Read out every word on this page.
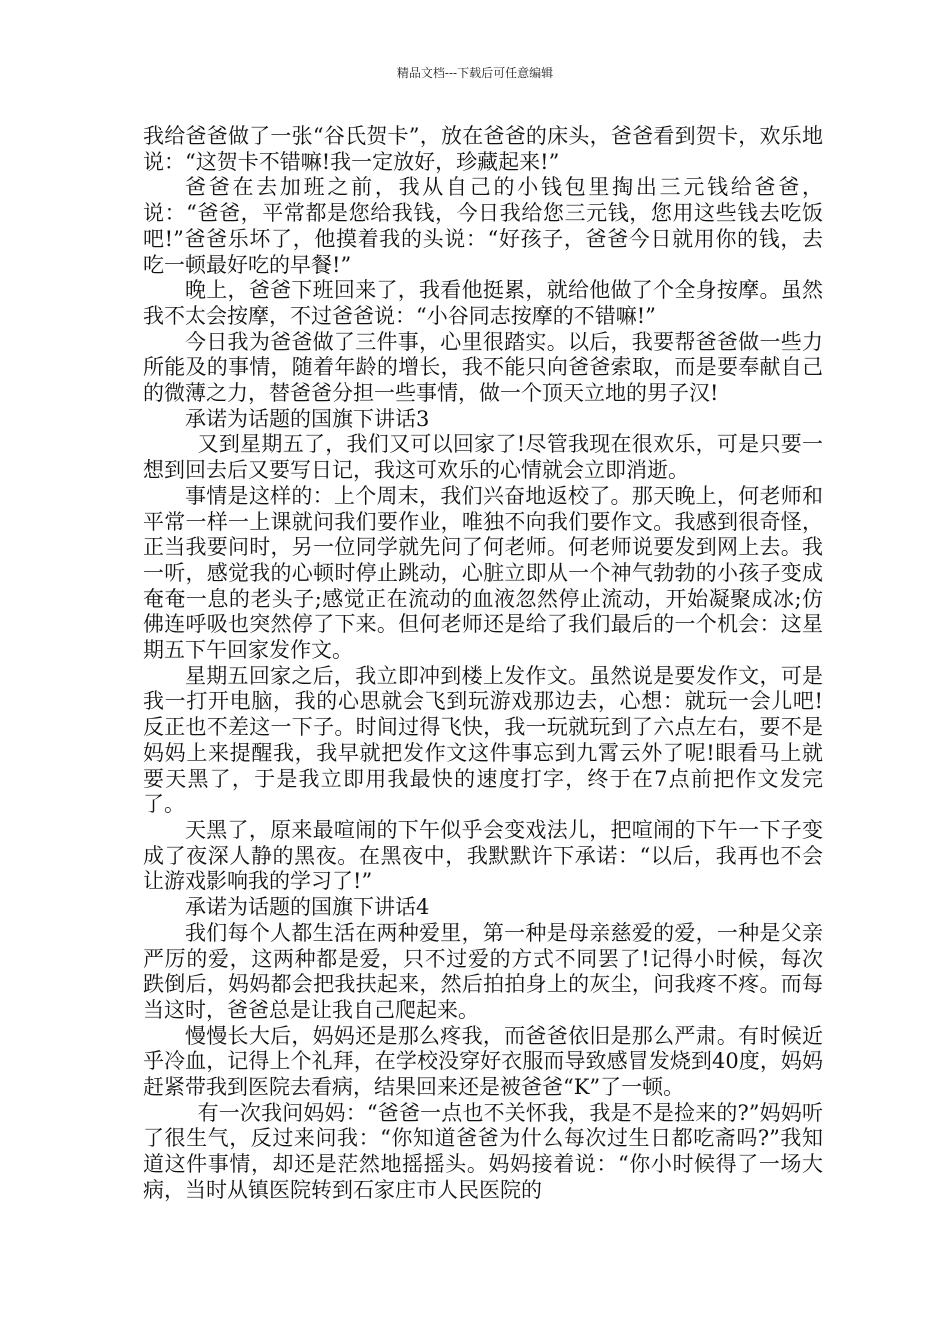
精品文档---下载后可任意编辑

我给爸爸做了一张“谷氏贺卡”，放在爸爸的床头，爸爸看到贺卡，欢乐地说：“这贺卡不错嘛!我一定放好，珍藏起来!”

爸爸在去加班之前，我从自己的小钱包里掏出三元钱给爸爸，说：“爸爸，平常都是您给我钱，今日我给您三元钱，您用这些钱去吃饭吧!”爸爸乐坏了，他摸着我的头说：“好孩子，爸爸今日就用你的钱，去吃一顿最好吃的早餐!”

晚上，爸爸下班回来了，我看他挺累，就给他做了个全身按摩。虽然我不太会按摩，不过爸爸说：“小谷同志按摩的不错嘛!”

今日我为爸爸做了三件事，心里很踏实。以后，我要帮爸爸做一些力所能及的事情，随着年龄的增长，我不能只向爸爸索取，而是要奉献自己的微薄之力，替爸爸分担一些事情，做一个顶天立地的男子汉!

承诺为话题的国旗下讲话3

又到星期五了，我们又可以回家了!尽管我现在很欢乐，可是只要一想到回去后又要写日记，我这可欢乐的心情就会立即消逝。

事情是这样的：上个周末，我们兴奋地返校了。那天晚上，何老师和平常一样一上课就问我们要作业，唯独不向我们要作文。我感到很奇怪，正当我要问时，另一位同学就先问了何老师。何老师说要发到网上去。我一听，感觉我的心顿时停止跳动，心脏立即从一个神气勃勃的小孩子变成奄奄一息的老头子;感觉正在流动的血液忽然停止流动，开始凝聚成冰;仿佛连呼吸也突然停了下来。但何老师还是给了我们最后的一个机会：这星期五下午回家发作文。

星期五回家之后，我立即冲到楼上发作文。虽然说是要发作文，可是我一打开电脑，我的心思就会飞到玩游戏那边去，心想：就玩一会儿吧!反正也不差这一下子。时间过得飞快，我一玩就玩到了六点左右，要不是妈妈上来提醒我，我早就把发作文这件事忘到九霄云外了呢!眼看马上就要天黑了，于是我立即用我最快的速度打字，终于在7点前把作文发完了。

天黑了，原来最喧闹的下午似乎会变戏法儿，把喧闹的下午一下子变成了夜深人静的黑夜。在黑夜中，我默默许下承诺：“以后，我再也不会让游戏影响我的学习了!”

承诺为话题的国旗下讲话4

我们每个人都生活在两种爱里，第一种是母亲慈爱的爱，一种是父亲严厉的爱，这两种都是爱，只不过爱的方式不同罢了!记得小时候，每次跌倒后，妈妈都会把我扶起来，然后拍拍身上的灰尘，问我疼不疼。而每当这时，爸爸总是让我自己爬起来。

慢慢长大后，妈妈还是那么疼我，而爸爸依旧是那么严肃。有时候近乎冷血，记得上个礼拜，在学校没穿好衣服而导致感冒发烧到40度，妈妈赶紧带我到医院去看病，结果回来还是被爸爸“K”了一顿。

有一次我问妈妈：“爸爸一点也不关怀我，我是不是捡来的?”妈妈听了很生气，反过来问我：“你知道爸爸为什么每次过生日都吃斋吗?”我知道这件事情，却还是茫然地摇摇头。妈妈接着说：“你小时候得了一场大病，当时从镇医院转到石家庄市人民医院的
